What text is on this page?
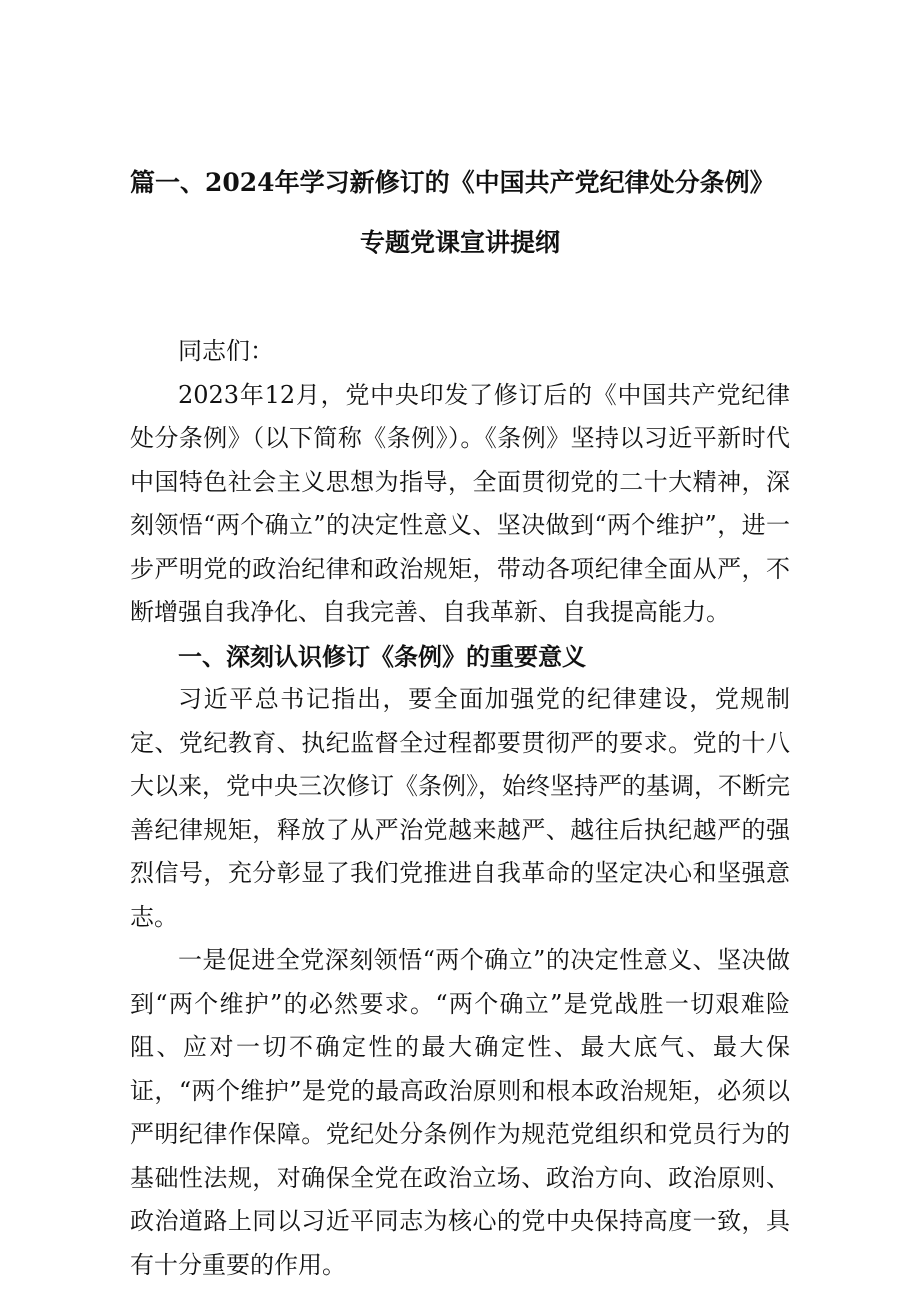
篇一、2024年学习新修订的《中国共产党纪律处分条例》
专题党课宣讲提纲

同志们：

2023年12月，党中央印发了修订后的《中国共产党纪律处分条例》（以下简称《条例》）。《条例》坚持以习近平新时代中国特色社会主义思想为指导，全面贯彻党的二十大精神，深刻领悟“两个确立”的决定性意义、坚决做到“两个维护”，进一步严明党的政治纪律和政治规矩，带动各项纪律全面从严，不断增强自我净化、自我完善、自我革新、自我提高能力。

一、深刻认识修订《条例》的重要意义

习近平总书记指出，要全面加强党的纪律建设，党规制定、党纪教育、执纪监督全过程都要贯彻严的要求。党的十八大以来，党中央三次修订《条例》，始终坚持严的基调，不断完善纪律规矩，释放了从严治党越来越严、越往后执纪越严的强烈信号，充分彰显了我们党推进自我革命的坚定决心和坚强意志。

一是促进全党深刻领悟“两个确立”的决定性意义、坚决做到“两个维护”的必然要求。“两个确立”是党战胜一切艰难险阻、应对一切不确定性的最大确定性、最大底气、最大保证，“两个维护”是党的最高政治原则和根本政治规矩，必须以严明纪律作保障。党纪处分条例作为规范党组织和党员行为的基础性法规，对确保全党在政治立场、政治方向、政治原则、政治道路上同以习近平同志为核心的党中央保持高度一致，具有十分重要的作用。
